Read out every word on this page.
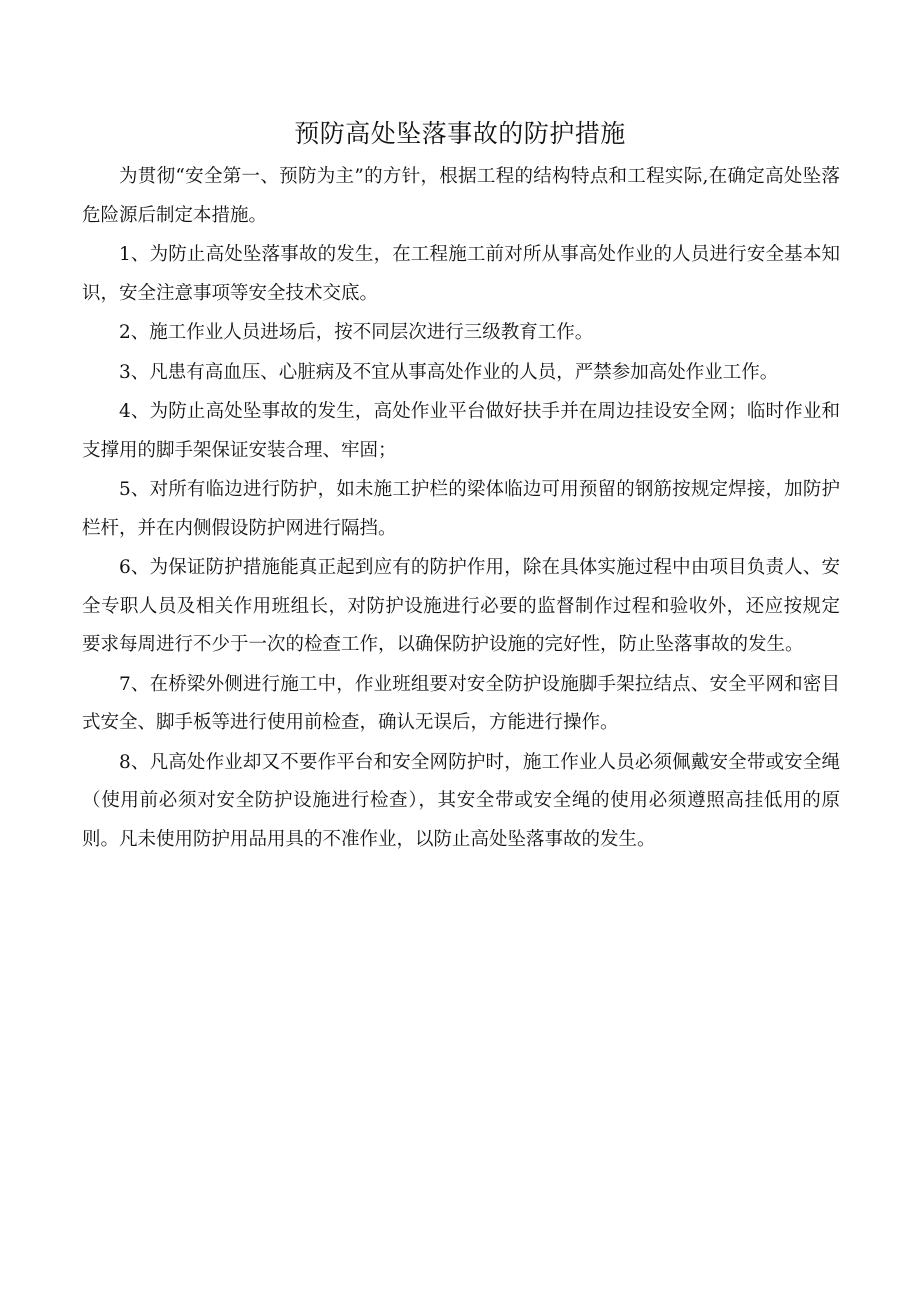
预防高处坠落事故的防护措施

为贯彻“安全第一、预防为主”的方针，根据工程的结构特点和工程实际,在确定高处坠落危险源后制定本措施。

1、为防止高处坠落事故的发生，在工程施工前对所从事高处作业的人员进行安全基本知识，安全注意事项等安全技术交底。

2、施工作业人员进场后，按不同层次进行三级教育工作。

3、凡患有高血压、心脏病及不宜从事高处作业的人员，严禁参加高处作业工作。

4、为防止高处坠事故的发生，高处作业平台做好扶手并在周边挂设安全网；临时作业和支撑用的脚手架保证安装合理、牢固；

5、对所有临边进行防护，如未施工护栏的梁体临边可用预留的钢筋按规定焊接，加防护栏杆，并在内侧假设防护网进行隔挡。

6、为保证防护措施能真正起到应有的防护作用，除在具体实施过程中由项目负责人、安全专职人员及相关作用班组长，对防护设施进行必要的监督制作过程和验收外，还应按规定要求每周进行不少于一次的检查工作，以确保防护设施的完好性，防止坠落事故的发生。

7、在桥梁外侧进行施工中，作业班组要对安全防护设施脚手架拉结点、安全平网和密目式安全、脚手板等进行使用前检查，确认无误后，方能进行操作。

8、凡高处作业却又不要作平台和安全网防护时，施工作业人员必须佩戴安全带或安全绳（使用前必须对安全防护设施进行检查），其安全带或安全绳的使用必须遵照高挂低用的原则。凡未使用防护用品用具的不准作业，以防止高处坠落事故的发生。
